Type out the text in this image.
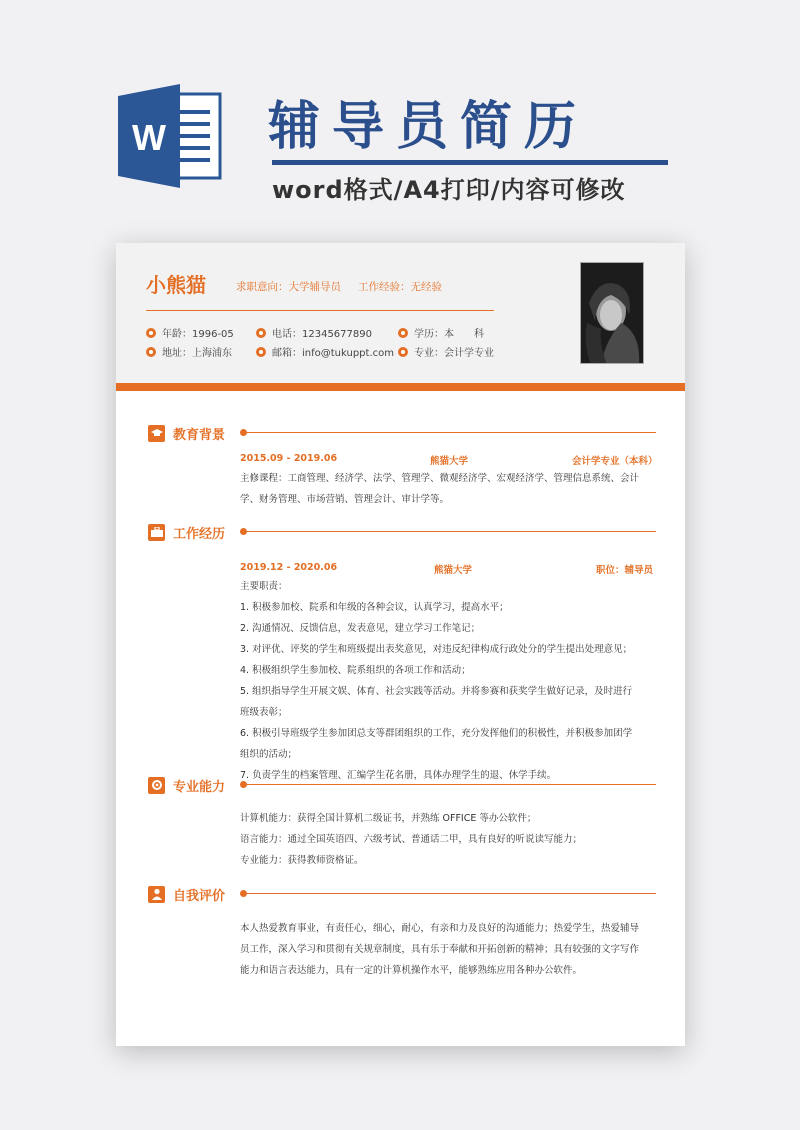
W 辅导员简历
word格式/A4打印/内容可修改
小熊猫	求职意向：大学辅导员 工作经验：无经验
年龄：1996-05	电话：12345677890	学历：本　　科
地址：上海浦东	邮箱：info@tukuppt.com 专业：会计学专业
教育背景
2015.09 - 2019.06	熊猫大学	会计学专业（本科）

主修课程：工商管理、经济学、法学、管理学、微观经济学、宏观经济学、管理信息系统、会计

学、财务管理、市场营销、管理会计、审计学等。

工作经历
2019.12 - 2020.06	熊猫大学	职位：辅导员

主要职责：

1. 积极参加校、院系和年级的各种会议，认真学习，提高水平；

2. 沟通情况、反馈信息，发表意见，建立学习工作笔记；

3. 对评优、评奖的学生和班级提出表奖意见，对违反纪律构成行政处分的学生提出处理意见；

4. 积极组织学生参加校、院系组织的各项工作和活动；

5. 组织指导学生开展文娱、体育、社会实践等活动。并将参赛和获奖学生做好记录，及时进行

班级表彰；

6. 积极引导班级学生参加团总支等群团组织的工作，充分发挥他们的积极性，并积极参加团学

组织的活动；

7. 负责学生的档案管理、汇编学生花名册，具体办理学生的退、休学手续。

专业能力

计算机能力：获得全国计算机二级证书，并熟练 OFFICE 等办公软件；

语言能力：通过全国英语四、六级考试、普通话二甲，具有良好的听说读写能力；

专业能力：获得教师资格证。

自我评价

本人热爱教育事业，有责任心，细心，耐心，有亲和力及良好的沟通能力；热爱学生，热爱辅导

员工作，深入学习和贯彻有关规章制度，具有乐于奉献和开拓创新的精神；具有较强的文字写作

能力和语言表达能力，具有一定的计算机操作水平，能够熟练应用各种办公软件。
